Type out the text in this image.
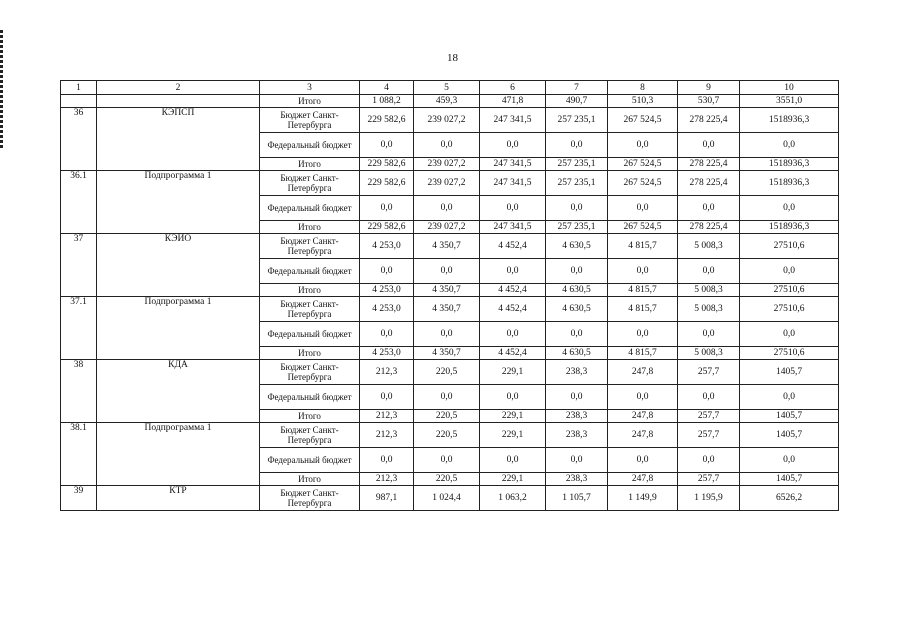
18
1	2	3	4	5	6	7	8	9	10
		Итого	1 088,2	459,3	471,8	490,7	510,3	530,7	3551,0
36	КЭПСП	Бюджет Санкт-Петербурга	229 582,6	239 027,2	247 341,5	257 235,1	267 524,5	278 225,4	1518936,3
		Федеральный бюджет	0,0	0,0	0,0	0,0	0,0	0,0	0,0
		Итого	229 582,6	239 027,2	247 341,5	257 235,1	267 524,5	278 225,4	1518936,3
36.1	Подпрограмма 1	Бюджет Санкт-Петербурга	229 582,6	239 027,2	247 341,5	257 235,1	267 524,5	278 225,4	1518936,3
		Федеральный бюджет	0,0	0,0	0,0	0,0	0,0	0,0	0,0
		Итого	229 582,6	239 027,2	247 341,5	257 235,1	267 524,5	278 225,4	1518936,3
37	КЭИО	Бюджет Санкт-Петербурга	4 253,0	4 350,7	4 452,4	4 630,5	4 815,7	5 008,3	27510,6
		Федеральный бюджет	0,0	0,0	0,0	0,0	0,0	0,0	0,0
		Итого	4 253,0	4 350,7	4 452,4	4 630,5	4 815,7	5 008,3	27510,6
37.1	Подпрограмма 1	Бюджет Санкт-Петербурга	4 253,0	4 350,7	4 452,4	4 630,5	4 815,7	5 008,3	27510,6
		Федеральный бюджет	0,0	0,0	0,0	0,0	0,0	0,0	0,0
		Итого	4 253,0	4 350,7	4 452,4	4 630,5	4 815,7	5 008,3	27510,6
38	КДА	Бюджет Санкт-Петербурга	212,3	220,5	229,1	238,3	247,8	257,7	1405,7
		Федеральный бюджет	0,0	0,0	0,0	0,0	0,0	0,0	0,0
		Итого	212,3	220,5	229,1	238,3	247,8	257,7	1405,7
38.1	Подпрограмма 1	Бюджет Санкт-Петербурга	212,3	220,5	229,1	238,3	247,8	257,7	1405,7
		Федеральный бюджет	0,0	0,0	0,0	0,0	0,0	0,0	0,0
		Итого	212,3	220,5	229,1	238,3	247,8	257,7	1405,7
39	КТР	Бюджет Санкт-Петербурга	987,1	1 024,4	1 063,2	1 105,7	1 149,9	1 195,9	6526,2
